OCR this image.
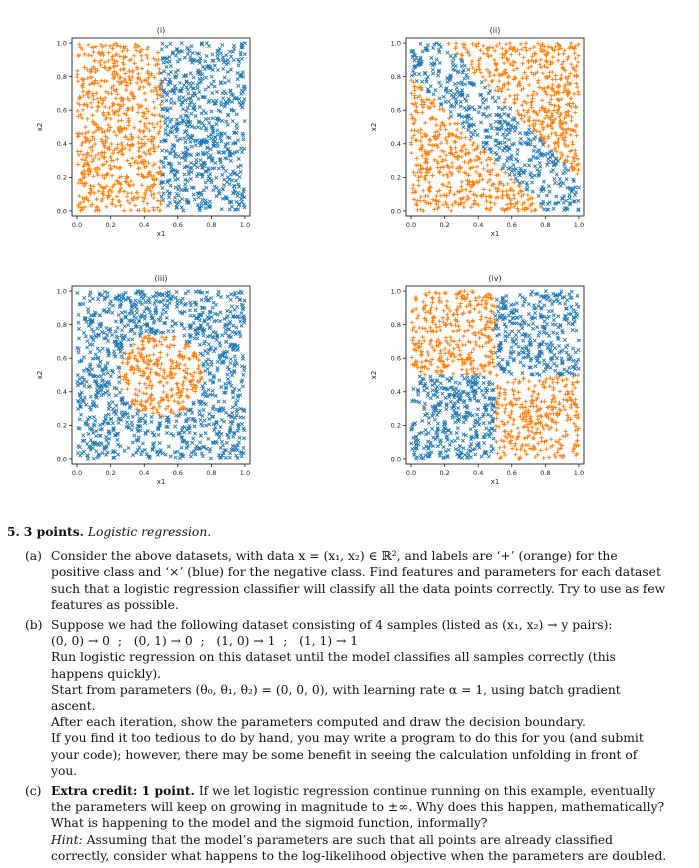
(i)
0.0
0.0
0.2
0.2
0.4
0.4
0.6
0.6
0.8
0.8
1.0
1.0
x1
x2
(ii)
0.0
0.0
0.2
0.2
0.4
0.4
0.6
0.6
0.8
0.8
1.0
1.0
x1
x2
(iii)
0.0
0.0
0.2
0.2
0.4
0.4
0.6
0.6
0.8
0.8
1.0
1.0
x1
x2
(iv)
0.0
0.0
0.2
0.2
0.4
0.4
0.6
0.6
0.8
0.8
1.0
1.0
x1
x2
5. 3 points. Logistic regression.
(a) Consider the above datasets, with data x = (x₁, x₂) ∈ ℝ², and labels are ‘+’ (orange) for the positive class and ‘×’ (blue) for the negative class. Find features and parameters for each dataset such that a logistic regression classifier will classify all the data points correctly. Try to use as few features as possible.

(b) Suppose we had the following dataset consisting of 4 samples (listed as (x₁, x₂) → y pairs):

(0, 0) → 0  ;   (0, 1) → 0  ;   (1, 0) → 1  ;   (1, 1) → 1

Run logistic regression on this dataset until the model classifies all samples correctly (this happens quickly).

Start from parameters (θ₀, θ₁, θ₂) = (0, 0, 0), with learning rate α = 1, using batch gradient ascent.

After each iteration, show the parameters computed and draw the decision boundary.

If you find it too tedious to do by hand, you may write a program to do this for you (and submit your code); however, there may be some benefit in seeing the calculation unfolding in front of you.

(c) Extra credit: 1 point. If we let logistic regression continue running on this example, eventually the parameters will keep on growing in magnitude to ±∞. Why does this happen, mathematically?

What is happening to the model and the sigmoid function, informally?

Hint: Assuming that the model’s parameters are such that all points are already classified correctly, consider what happens to the log-likelihood objective when the parameters are doubled.
